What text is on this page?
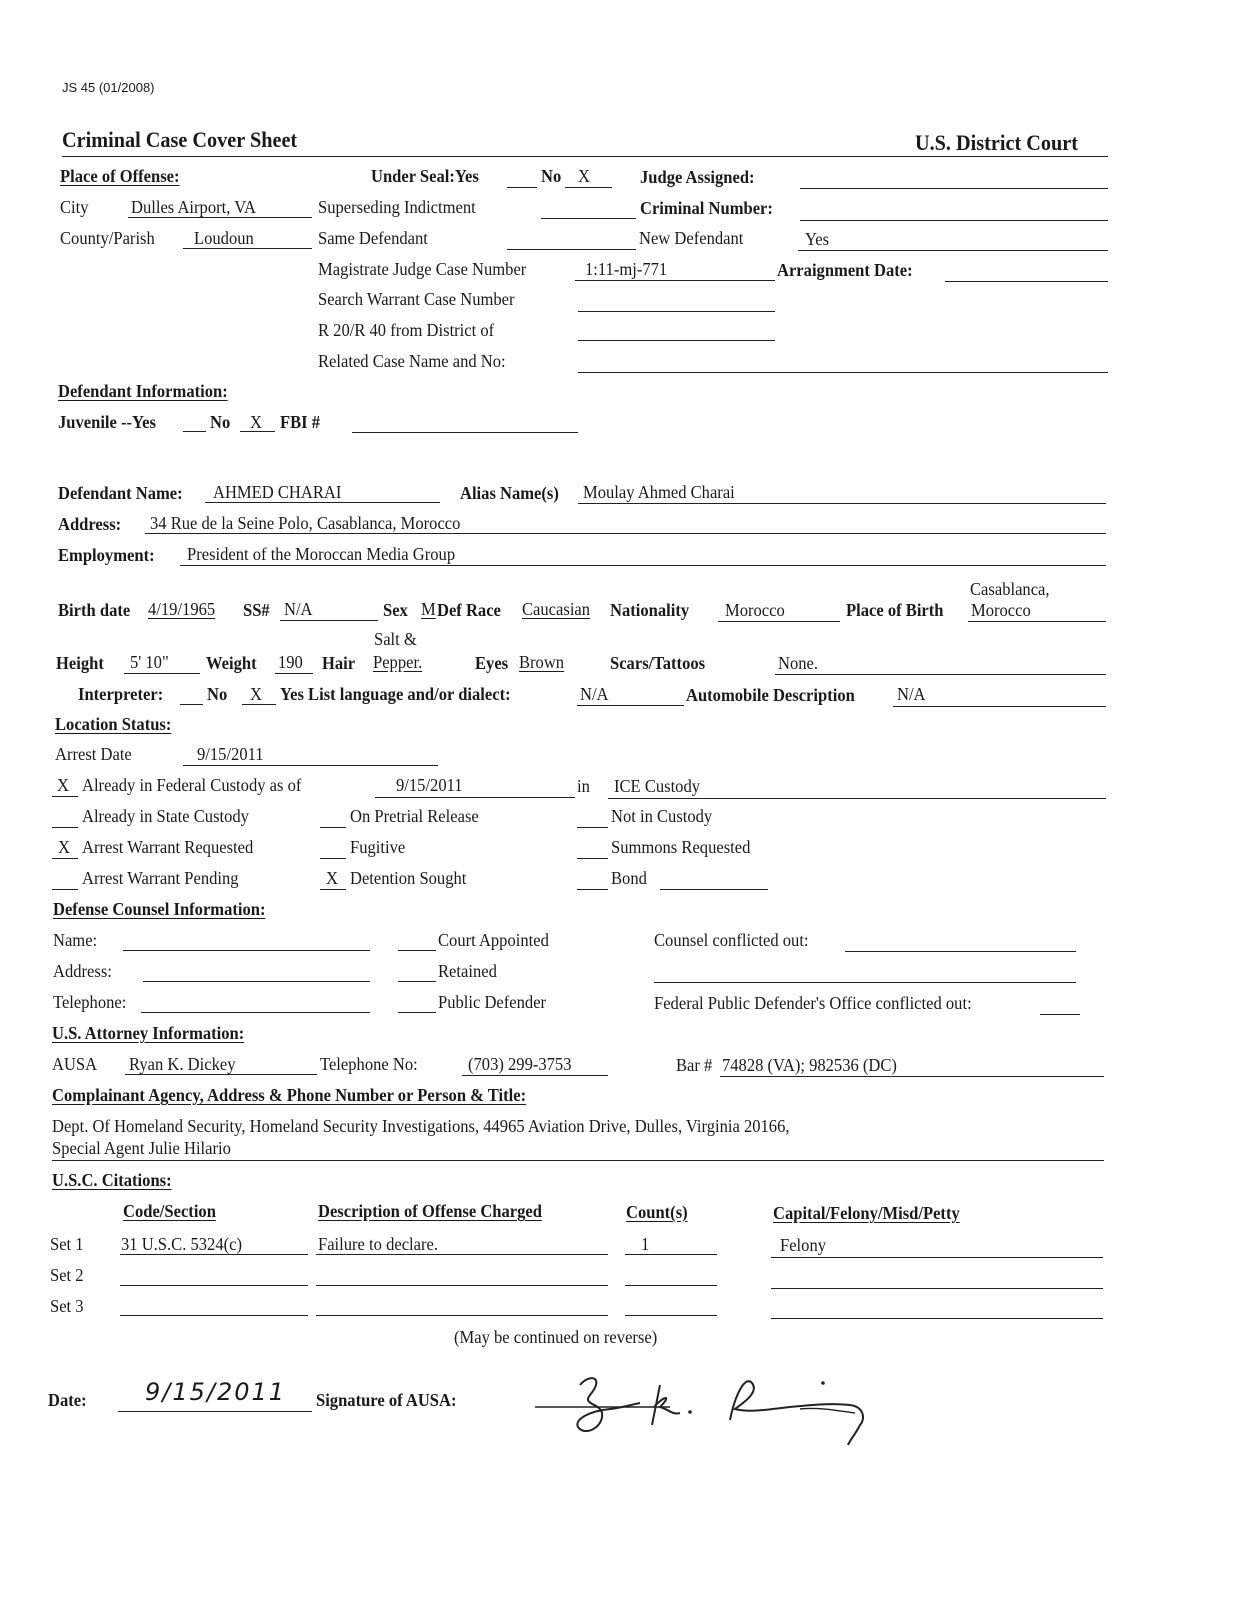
JS 45 (01/2008)
Criminal Case Cover Sheet	U.S. District Court
Place of Offense:	Under Seal:Yes	No X	Judge Assigned:
City Dulles Airport, VA	Superseding Indictment	Criminal Number:
County/Parish Loudoun	Same Defendant	New Defendant	Yes
Magistrate Judge Case Number	1:11-mj-771	Arraignment Date:
Search Warrant Case Number
R 20/R 40 from District of
Related Case Name and No:
Defendant Information:
Juvenile --Yes	No X FBI #
Defendant Name: AHMED CHARAI	Alias Name(s) Moulay Ahmed Charai
Address: 34 Rue de la Seine Polo, Casablanca, Morocco
Employment: President of the Moroccan Media Group
Casablanca,
Birth date 4/19/1965 SS# N/A	Sex M Def Race Caucasian Nationality Morocco	Place of Birth Morocco
Salt &
Height 5' 10" Weight 190 Hair Pepper.	Eyes Brown	Scars/Tattoos	None.
Interpreter: No X Yes List language and/or dialect:	N/A	Automobile Description N/A
Location Status:
Arrest Date	9/15/2011
X Already in Federal Custody as of	9/15/2011	in ICE Custody
Already in State Custody	On Pretrial Release	Not in Custody
X Arrest Warrant Requested	Fugitive	Summons Requested
Arrest Warrant Pending	X Detention Sought	Bond
Defense Counsel Information:
Name:	Court Appointed	Counsel conflicted out:
Address:	Retained
Telephone:	Public Defender	Federal Public Defender's Office conflicted out:
U.S. Attorney Information:
AUSA Ryan K. Dickey	Telephone No:	(703) 299-3753	Bar # 74828 (VA); 982536 (DC)
Complainant Agency, Address & Phone Number or Person & Title:
Dept. Of Homeland Security, Homeland Security Investigations, 44965 Aviation Drive, Dulles, Virginia 20166,
Special Agent Julie Hilario
U.S.C. Citations:
Code/Section	Description of Offense Charged	Count(s)	Capital/Felony/Misd/Petty
Set 1 31 U.S.C. 5324(c)	Failure to declare.	1	Felony
Set 2
Set 3
(May be continued on reverse)
Date: 9/15/2011 Signature of AUSA:
